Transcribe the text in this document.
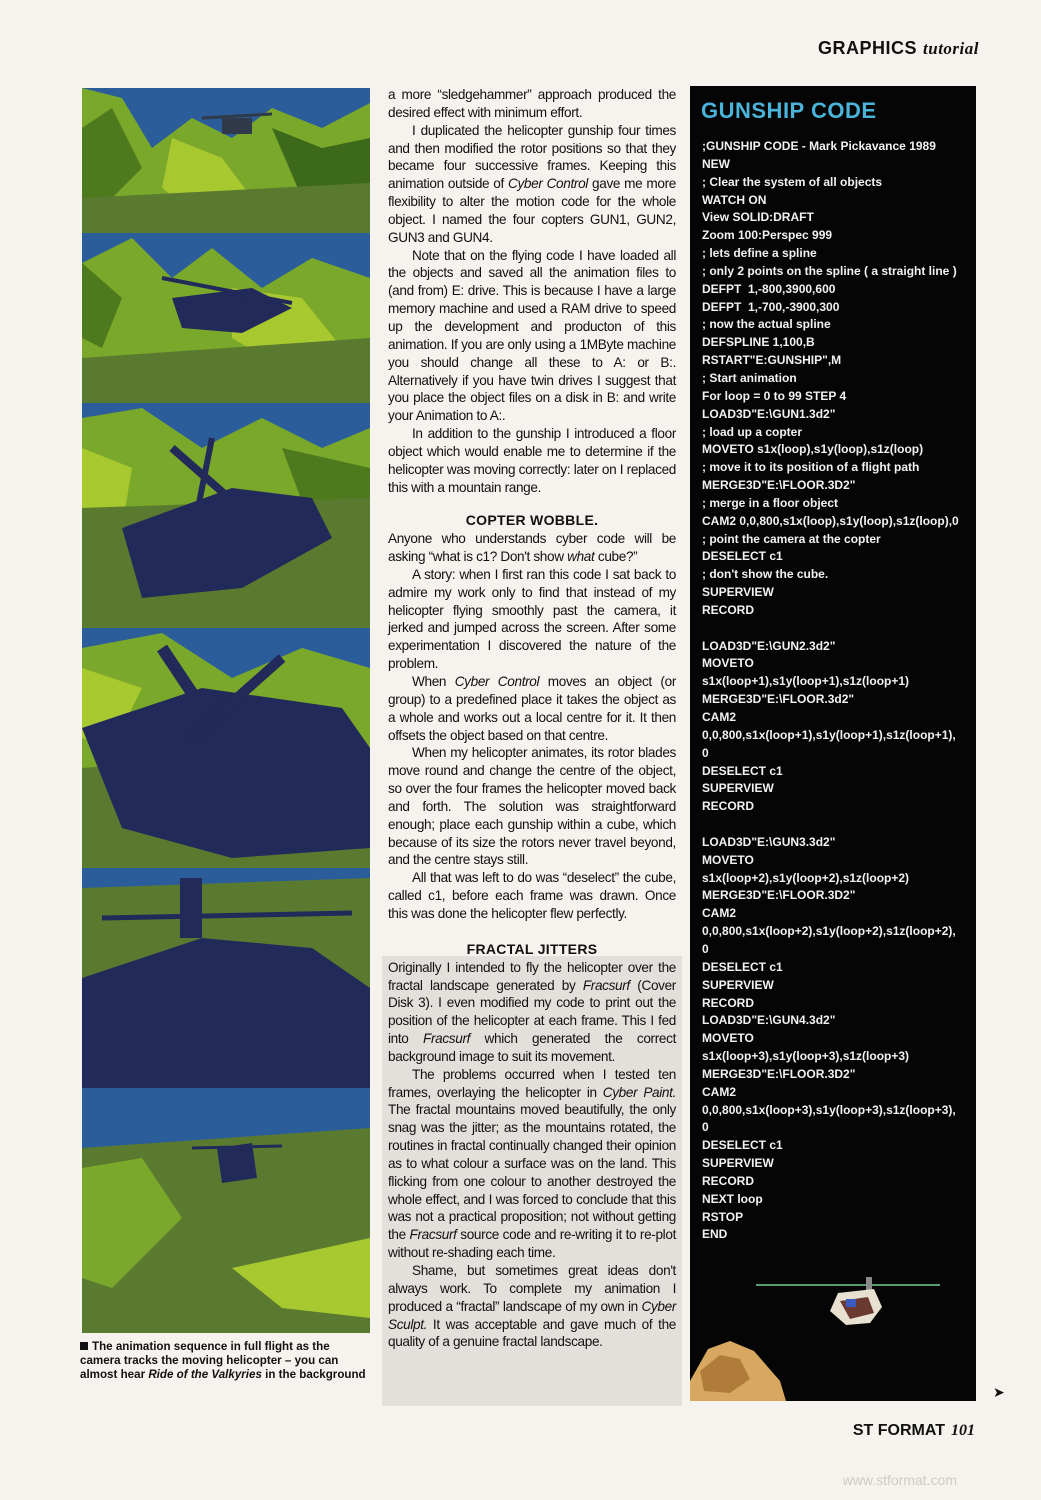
GRAPHICS tutorial
The animation sequence in full flight as the camera tracks the moving helicopter – you can almost hear Ride of the Valkyries in the background

a more “sledgehammer” approach produced the desired effect with minimum effort.

I duplicated the helicopter gunship four times and then modified the rotor positions so that they became four successive frames. Keeping this animation outside of Cyber Control gave me more flexibility to alter the motion code for the whole object. I named the four copters GUN1, GUN2, GUN3 and GUN4.

Note that on the flying code I have loaded all the objects and saved all the animation files to (and from) E: drive. This is because I have a large memory machine and used a RAM drive to speed up the development and producton of this animation. If you are only using a 1MByte machine you should change all these to A: or B:. Alternatively if you have twin drives I suggest that you place the object files on a disk in B: and write your Animation to A:.

In addition to the gunship I introduced a floor object which would enable me to determine if the helicopter was moving correctly: later on I replaced this with a mountain range.

COPTER WOBBLE.

Anyone who understands cyber code will be asking “what is c1? Don't show what cube?”

A story: when I first ran this code I sat back to admire my work only to find that instead of my helicopter flying smoothly past the camera, it jerked and jumped across the screen. After some experimentation I discovered the nature of the problem.

When Cyber Control moves an object (or group) to a predefined place it takes the object as a whole and works out a local centre for it. It then offsets the object based on that centre.

When my helicopter animates, its rotor blades move round and change the centre of the object, so over the four frames the helicopter moved back and forth. The solution was straightforward enough; place each gunship within a cube, which because of its size the rotors never travel beyond, and the centre stays still.

All that was left to do was “deselect” the cube, called c1, before each frame was drawn. Once this was done the helicopter flew perfectly.

FRACTAL JITTERS

Originally I intended to fly the helicopter over the fractal landscape generated by Fracsurf (Cover Disk 3). I even modified my code to print out the position of the helicopter at each frame. This I fed into Fracsurf which generated the correct background image to suit its movement.

The problems occurred when I tested ten frames, overlaying the helicopter in Cyber Paint. The fractal mountains moved beautifully, the only snag was the jitter; as the mountains rotated, the routines in fractal continually changed their opinion as to what colour a surface was on the land. This flicking from one colour to another destroyed the whole effect, and I was forced to conclude that this was not a practical proposition; not without getting the Fracsurf source code and re-writing it to re-plot without re-shading each time.

Shame, but sometimes great ideas don't always work. To complete my animation I produced a “fractal” landscape of my own in Cyber Sculpt. It was acceptable and gave much of the quality of a genuine fractal landscape.

GUNSHIP CODE
;GUNSHIP CODE - Mark Pickavance 1989
NEW
; Clear the system of all objects
WATCH ON
View SOLID:DRAFT
Zoom 100:Perspec 999
; lets define a spline
; only 2 points on the spline ( a straight line )
DEFPT  1,-800,3900,600
DEFPT  1,-700,-3900,300
; now the actual spline
DEFSPLINE 1,100,B
RSTART"E:GUNSHIP",M
; Start animation
For loop = 0 to 99 STEP 4
LOAD3D"E:\GUN1.3d2"
; load up a copter
MOVETO s1x(loop),s1y(loop),s1z(loop)
; move it to its position of a flight path
MERGE3D"E:\FLOOR.3D2"
; merge in a floor object
CAM2 0,0,800,s1x(loop),s1y(loop),s1z(loop),0
; point the camera at the copter
DESELECT c1
; don't show the cube.
SUPERVIEW
RECORD
LOAD3D"E:\GUN2.3d2"
MOVETO
s1x(loop+1),s1y(loop+1),s1z(loop+1)
MERGE3D"E:\FLOOR.3d2"
CAM2
0,0,800,s1x(loop+1),s1y(loop+1),s1z(loop+1),
0
DESELECT c1
SUPERVIEW
RECORD
LOAD3D"E:\GUN3.3d2"
MOVETO
s1x(loop+2),s1y(loop+2),s1z(loop+2)
MERGE3D"E:\FLOOR.3D2"
CAM2
0,0,800,s1x(loop+2),s1y(loop+2),s1z(loop+2),
0
DESELECT c1
SUPERVIEW
RECORD
LOAD3D"E:\GUN4.3d2"
MOVETO
s1x(loop+3),s1y(loop+3),s1z(loop+3)
MERGE3D"E:\FLOOR.3D2"
CAM2
0,0,800,s1x(loop+3),s1y(loop+3),s1z(loop+3),
0
DESELECT c1
SUPERVIEW
RECORD
NEXT loop
RSTOP
END
➤
ST FORMAT 101
www.stformat.com
